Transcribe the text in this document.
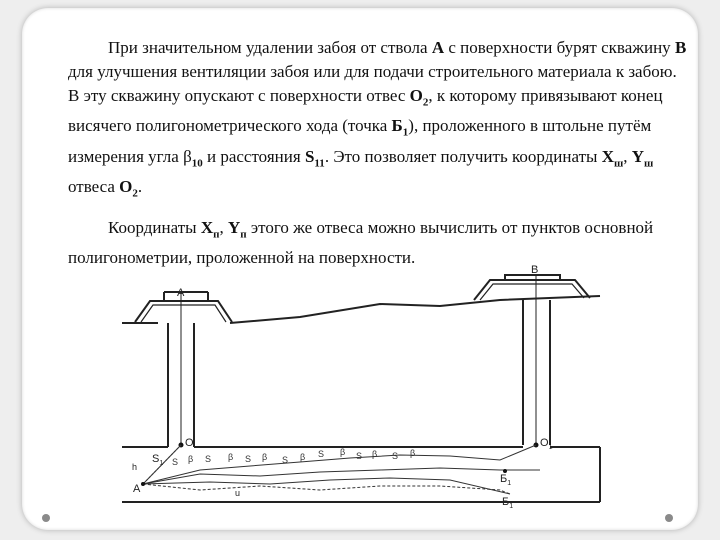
При значительном удалении забоя от ствола А с поверхности бурят скважину В для улучшения вентиляции забоя или для подачи строительного материала к забою. В эту скважину опускают с поверхности отвес $О_2$, к которому привязывают конец висячего полигонометрического хода (точка $Б_1$), проложенного в штольне путём измерения угла $\beta_{10}$ и расстояния $S_{11}$. Это позволяет получить координаты $X_ш$, $Y_ш$ отвеса $О_2$.

Координаты $X_п$, $Y_п$ этого же отвеса можно вычислить от пунктов основной полигонометрии, проложенной на поверхности.

А
В
O	$O_1$
$S_1$
h
A	u
$Б_1$
$Б_1$
S β S β S β S β S β S β S β
